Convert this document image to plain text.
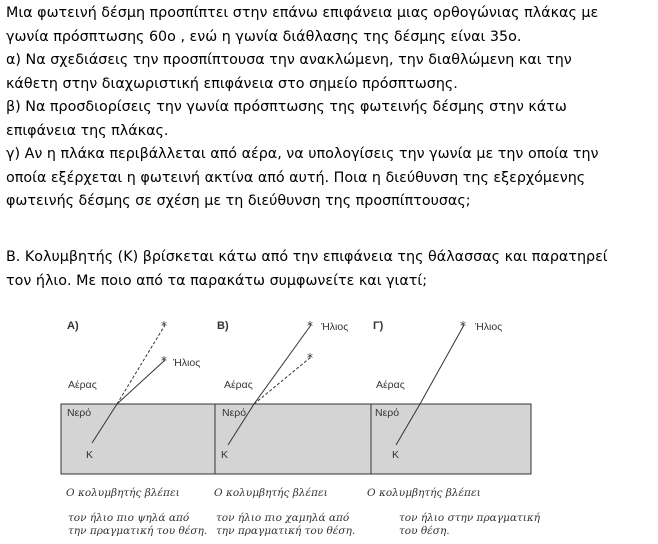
Μια φωτεινή δέσμη προσπίπτει στην επάνω επιφάνεια μιας ορθογώνιας πλάκας με
γωνία πρόσπτωσης 60ο , ενώ η γωνία διάθλασης της δέσμης είναι 35ο.
α) Να σχεδιάσεις την προσπίπτουσα την ανακλώμενη, την διαθλώμενη και την
κάθετη στην διαχωριστική επιφάνεια στο σημείο πρόσπτωσης.
β) Να προσδιορίσεις την γωνία πρόσπτωσης της φωτεινής δέσμης στην κάτω
επιφάνεια της πλάκας.
γ) Αν η πλάκα περιβάλλεται από αέρα, να υπολογίσεις την γωνία με την οποία την
οποία εξέρχεται η φωτεινή ακτίνα από αυτή. Ποια η διεύθυνση της εξερχόμενης
φωτεινής δέσμης σε σχέση με τη διεύθυνση της προσπίπτουσας;
Β. Κολυμβητής (Κ) βρίσκεται κάτω από την επιφάνεια της θάλασσας και παρατηρεί
τον ήλιο. Με ποιο από τα παρακάτω συμφωνείτε και γιατί;
A)
Αέρας
Νερό
Κ
Ήλιος
*
*
B)
Αέρας
Νερό
Κ
Ήλιος
*
*
Γ)
Αέρας
Νερό
Κ
Ήλιος
*
Ο κολυμβητής βλέπει
τον ήλιο πιο ψηλά από
την πραγματική του θέση.
Ο κολυμβητής βλέπει
τον ήλιο πιο χαμηλά από
την πραγματική του θέση.
Ο κολυμβητής βλέπει
τον ήλιο στην πραγματική
του θέση.
